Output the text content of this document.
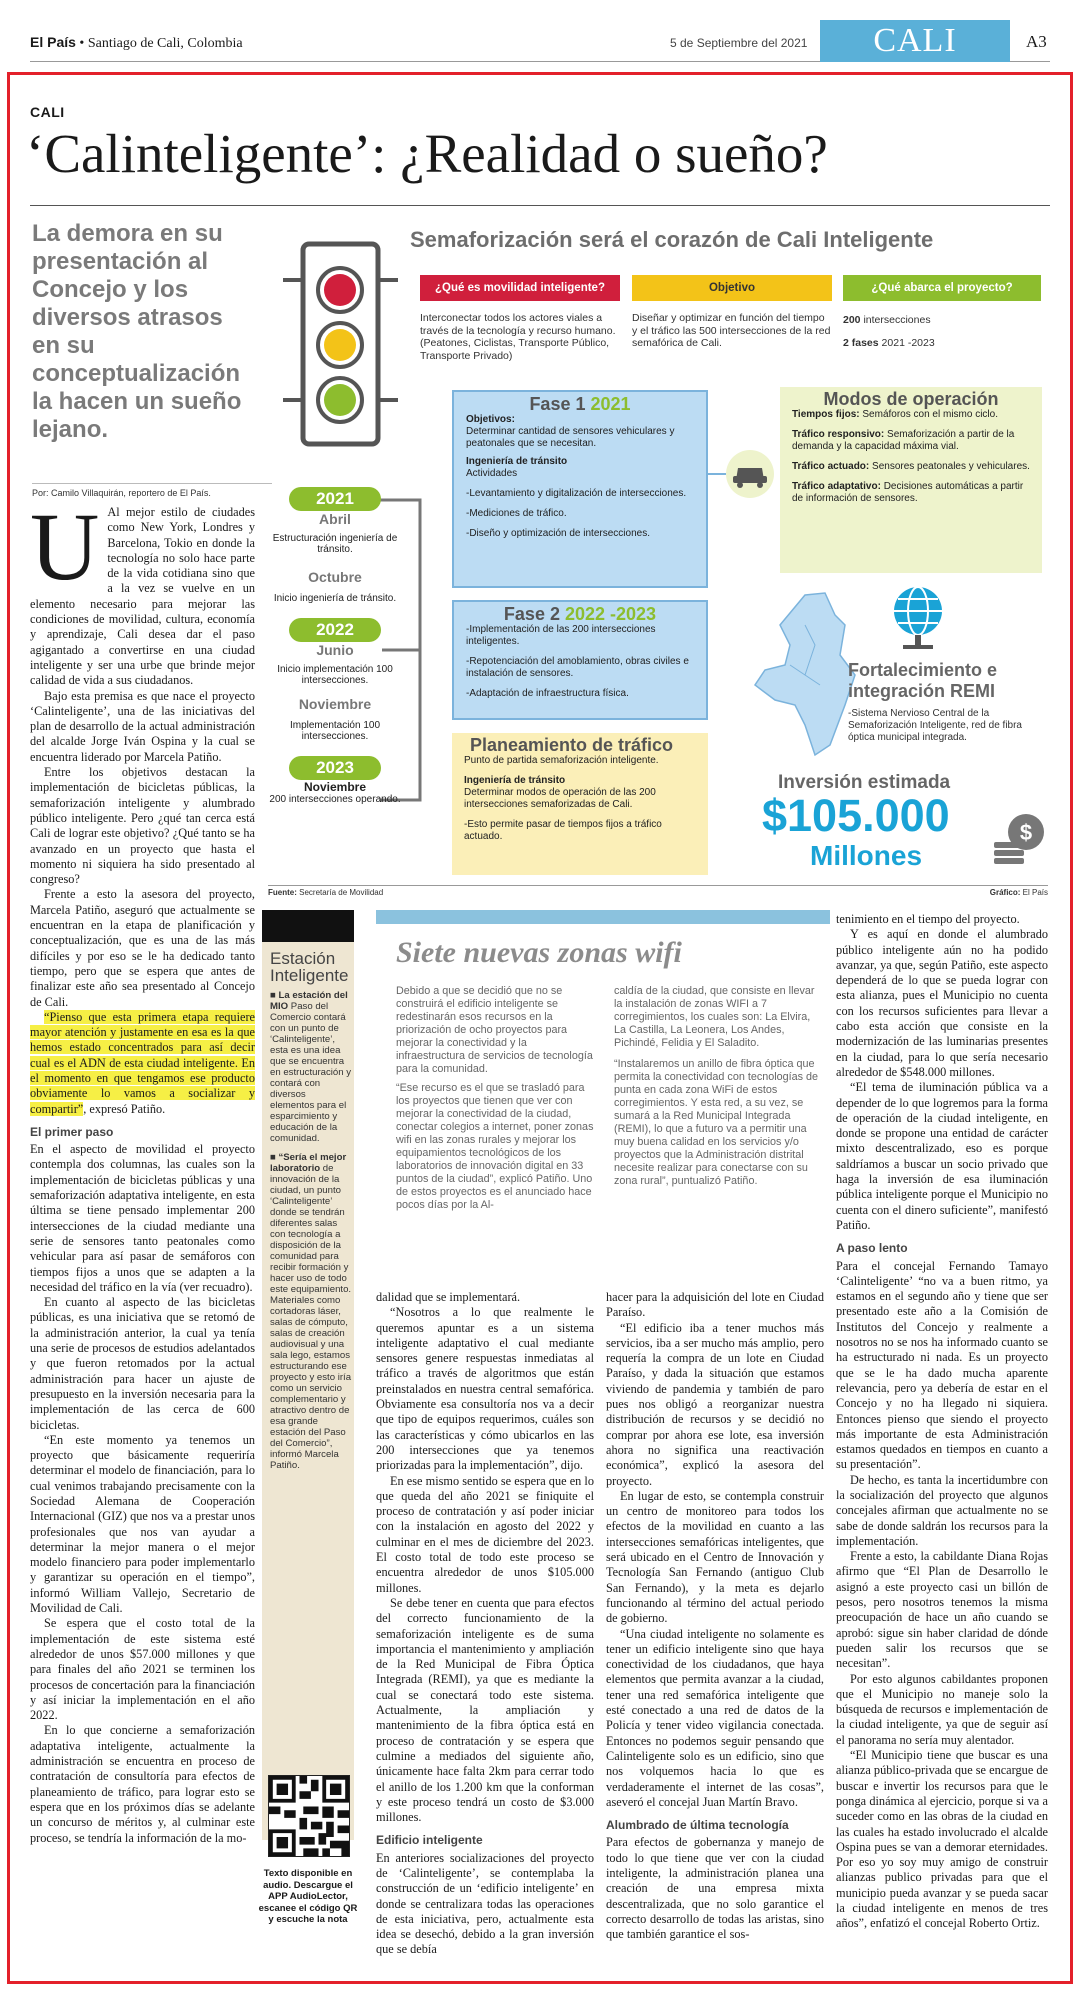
El País • Santiago de Cali, Colombia	5 de Septiembre del 2021	CALI	A3
CALI
‘Calinteligente’: ¿Realidad o sueño?
La demora en su presentación al Concejo y los diversos atrasos en su conceptualización la hacen un sueño lejano.
Por: Camilo Villaquirán, reportero de El País.
U Al mejor estilo de ciudades como New York, Londres y Barcelona, Tokio en donde la tecnología no solo hace parte de la vida cotidiana sino que a la vez se vuelve en un elemento necesario para mejorar las condiciones de movilidad, cultura, economía y aprendizaje, Cali desea dar el paso agigantado a convertirse en una ciudad inteligente y ser una urbe que brinde mejor calidad de vida a sus ciudadanos.

Bajo esta premisa es que nace el proyecto ‘Calinteligente’, una de las iniciativas del plan de desarrollo de la actual administración del alcalde Jorge Iván Ospina y la cual se encuentra liderado por Marcela Patiño.

Entre los objetivos destacan la implementación de bicicletas públicas, la semaforización inteligente y alumbrado público inteligente. Pero ¿qué tan cerca está Cali de lograr este objetivo? ¿Qué tanto se ha avanzado en un proyecto que hasta el momento ni siquiera ha sido presentado al congreso?

Frente a esto la asesora del proyecto, Marcela Patiño, aseguró que actualmente se encuentran en la etapa de planificación y conceptualización, que es una de las más difíciles y por eso se le ha dedicado tanto tiempo, pero que se espera que antes de finalizar este año sea presentado al Concejo de Cali.

“Pienso que esta primera etapa requiere mayor atención y justamente en esa es la que hemos estado concentrados para así decir cual es el ADN de esta ciudad inteligente. En el momento en que tengamos ese producto obviamente lo vamos a socializar y compartir”, expresó Patiño.

El primer paso

En el aspecto de movilidad el proyecto contempla dos columnas, las cuales son la implementación de bicicletas públicas y una semaforización adaptativa inteligente, en esta última se tiene pensado implementar 200 intersecciones de la ciudad mediante una serie de sensores tanto peatonales como vehicular para así pasar de semáforos con tiempos fijos a unos que se adapten a la necesidad del tráfico en la vía (ver recuadro).

En cuanto al aspecto de las bicicletas públicas, es una iniciativa que se retomó de la administración anterior, la cual ya tenía una serie de procesos de estudios adelantados y que fueron retomados por la actual administración para hacer un ajuste de presupuesto en la inversión necesaria para la implementación de las cerca de 600 bicicletas.

“En este momento ya tenemos un proyecto que básicamente requeriría determinar el modelo de financiación, para lo cual venimos trabajando precisamente con la Sociedad Alemana de Cooperación Internacional (GIZ) que nos va a prestar unos profesionales que nos van ayudar a determinar la mejor manera o el mejor modelo financiero para poder implementarlo y garantizar su operación en el tiempo”, informó William Vallejo, Secretario de Movilidad de Cali.

Se espera que el costo total de la implementación de este sistema esté alrededor de unos $57.000 millones y que para finales del año 2021 se terminen los procesos de concertación para la financiación y así iniciar la implementación en el año 2022.

En lo que concierne a semaforización adaptativa inteligente, actualmente la administración se encuentra en proceso de contratación de consultoría para efectos de planeamiento de tráfico, para lograr esto se espera que en los próximos días se adelante un concurso de méritos y, al culminar este proceso, se tendría la información de la mo-

Semaforización será el corazón de Cali Inteligente
¿Qué es movilidad inteligente?	Objetivo	¿Qué abarca el proyecto?
Interconectar todos los actores viales a través de la tecnología y recurso humano. (Peatones, Ciclistas, Transporte Público, Transporte Privado)
Diseñar y optimizar en función del tiempo y el tráfico las 500 intersecciones de la red semafórica de Cali.
200 intersecciones
2 fases 2021 -2023
2021
Abril
Estructuración ingeniería de tránsito.
Octubre
Inicio ingeniería de tránsito.
2022
Junio
Inicio implementación 100 intersecciones.
Noviembre
Implementación 100 intersecciones.
2023
Noviembre
200 intersecciones operando.
Fase 1 2021
Objetivos:
Determinar cantidad de sensores vehiculares y peatonales que se necesitan.
Ingeniería de tránsito
Actividades
-Levantamiento y digitalización de intersecciones.
-Mediciones de tráfico.
-Diseño y optimización de intersecciones.
Fase 2 2022 -2023
-Implementación de las 200 intersecciones inteligentes.
-Repotenciación del amoblamiento, obras civiles e instalación de sensores.
-Adaptación de infraestructura física.
Planeamiento de tráfico
Punto de partida semaforización inteligente.
Ingeniería de tránsito
Determinar modos de operación de las 200 intersecciones semaforizadas de Cali.
-Esto permite pasar de tiempos fijos a tráfico actuado.
Modos de operación
Tiempos fijos: Semáforos con el mismo ciclo.
Tráfico responsivo: Semaforización a partir de la demanda y la capacidad máxima vial.
Tráfico actuado: Sensores peatonales y vehiculares.
Tráfico adaptativo: Decisiones automáticas a partir de información de sensores.
Fortalecimiento e integración REMI
-Sistema Nervioso Central de la Semaforización Inteligente, red de fibra óptica municipal integrada.
Inversión estimada
$105.000
Millones
$
Fuente: Secretaría de Movilidad	Gráfico: El País
Estación
Inteligente
■ La estación del MIO Paso del Comercio contará con un punto de ‘Calinteligente’, esta es una idea que se encuentra en estructuración y contará con diversos elementos para el esparcimiento y educación de la comunidad.
■ “Sería el mejor laboratorio de innovación de la ciudad, un punto ‘Calinteligente’ donde se tendrán diferentes salas con tecnología a disposición de la comunidad para recibir formación y hacer uso de todo este equipamiento. Materiales como cortadoras láser, salas de cómputo, salas de creación audiovisual y una sala lego, estamos estructurando ese proyecto y esto iría como un servicio complementario y atractivo dentro de esa grande estación del Paso del Comercio”, informó Marcela Patiño.
Texto disponible en audio. Descargue el APP AudioLector, escanee el código QR y escuche la nota
Siete nuevas zonas wifi
Debido a que se decidió que no se construirá el edificio inteligente se redestinarán esos recursos en la priorización de ocho proyectos para mejorar la conectividad y la infraestructura de servicios de tecnología para la comunidad.
“Ese recurso es el que se trasladó para los proyectos que tienen que ver con mejorar la conectividad de la ciudad, conectar colegios a internet, poner zonas wifi en las zonas rurales y mejorar los equipamientos tecnológicos de los laboratorios de innovación digital en 33 puntos de la ciudad”, explicó Patiño. Uno de estos proyectos es el anunciado hace pocos días por la Al-
caldía de la ciudad, que consiste en llevar la instalación de zonas WIFI a 7 corregimientos, los cuales son: La Elvira, La Castilla, La Leonera, Los Andes, Pichindé, Felidia y El Saladito.
“Instalaremos un anillo de fibra óptica que permita la conectividad con tecnologías de punta en cada zona WiFi de estos corregimientos. Y esta red, a su vez, se sumará a la Red Municipal Integrada (REMI), lo que a futuro va a permitir una muy buena calidad en los servicios y/o proyectos que la Administración distrital necesite realizar para conectarse con su zona rural”, puntualizó Patiño.

dalidad que se implementará.

“Nosotros a lo que realmente le queremos apuntar es a un sistema inteligente adaptativo el cual mediante sensores genere respuestas inmediatas al tráfico a través de algoritmos que están preinstalados en nuestra central semafórica. Obviamente esa consultoría nos va a decir que tipo de equipos requerimos, cuáles son las características y cómo ubicarlos en las 200 intersecciones que ya tenemos priorizadas para la implementación”, dijo.

En ese mismo sentido se espera que en lo que queda del año 2021 se finiquite el proceso de contratación y así poder iniciar con la instalación en agosto del 2022 y culminar en el mes de diciembre del 2023. El costo total de todo este proceso se encuentra alrededor de unos $105.000 millones.

Se debe tener en cuenta que para efectos del correcto funcionamiento de la semaforización inteligente es de suma importancia el mantenimiento y ampliación de la Red Municipal de Fibra Óptica Integrada (REMI), ya que es mediante la cual se conectará todo este sistema. Actualmente, la ampliación y mantenimiento de la fibra óptica está en proceso de contratación y se espera que culmine a mediados del siguiente año, únicamente hace falta 2km para cerrar todo el anillo de los 1.200 km que la conforman y este proceso tendrá un costo de $3.000 millones.

Edificio inteligente

En anteriores socializaciones del proyecto de ‘Calinteligente’, se contemplaba la construcción de un ‘edificio inteligente’ en donde se centralizara todas las operaciones de esta iniciativa, pero, actualmente esta idea se desechó, debido a la gran inversión que se debía

hacer para la adquisición del lote en Ciudad Paraíso.

“El edificio iba a tener muchos más servicios, iba a ser mucho más amplio, pero requería la compra de un lote en Ciudad Paraíso, y dada la situación que estamos viviendo de pandemia y también de paro pues nos obligó a reorganizar nuestra distribución de recursos y se decidió no comprar por ahora ese lote, esa inversión ahora no significa una reactivación económica”, explicó la asesora del proyecto.

En lugar de esto, se contempla construir un centro de monitoreo para todos los efectos de la movilidad en cuanto a las intersecciones semafóricas inteligentes, que será ubicado en el Centro de Innovación y Tecnología San Fernando (antiguo Club San Fernando), y la meta es dejarlo funcionando al término del actual periodo de gobierno.

“Una ciudad inteligente no solamente es tener un edificio inteligente sino que haya conectividad de los ciudadanos, que haya elementos que permita avanzar a la ciudad, tener una red semafórica inteligente que esté conectado a una red de datos de la Policía y tener video vigilancia conectada. Entonces no podemos seguir pensando que Calinteligente solo es un edificio, sino que nos volquemos hacia lo que es verdaderamente el internet de las cosas”, aseveró el concejal Juan Martín Bravo.

Alumbrado de última tecnología

Para efectos de gobernanza y manejo de todo lo que tiene que ver con la ciudad inteligente, la administración planea una creación de una empresa mixta descentralizada, que no solo garantice el correcto desarrollo de todas las aristas, sino que también garantice el sos-

tenimiento en el tiempo del proyecto.

Y es aquí en donde el alumbrado público inteligente aún no ha podido avanzar, ya que, según Patiño, este aspecto dependerá de lo que se pueda lograr con esta alianza, pues el Municipio no cuenta con los recursos suficientes para llevar a cabo esta acción que consiste en la modernización de las luminarias presentes en la ciudad, para lo que sería necesario alrededor de $548.000 millones.

“El tema de iluminación pública va a depender de lo que logremos para la forma de operación de la ciudad inteligente, en donde se propone una entidad de carácter mixto descentralizado, eso es porque saldríamos a buscar un socio privado que haga la inversión de esa iluminación pública inteligente porque el Municipio no cuenta con el dinero suficiente”, manifestó Patiño.

A paso lento

Para el concejal Fernando Tamayo ‘Calinteligente’ “no va a buen ritmo, ya estamos en el segundo año y tiene que ser presentado este año a la Comisión de Institutos del Concejo y realmente a nosotros no se nos ha informado cuanto se ha estructurado ni nada. Es un proyecto que se le ha dado mucha aparente relevancia, pero ya debería de estar en el Concejo y no ha llegado ni siquiera. Entonces pienso que siendo el proyecto más importante de esta Administración estamos quedados en tiempos en cuanto a su presentación”.

De hecho, es tanta la incertidumbre con la socialización del proyecto que algunos concejales afirman que actualmente no se sabe de donde saldrán los recursos para la implementación.

Frente a esto, la cabildante Diana Rojas afirmo que “El Plan de Desarrollo le asignó a este proyecto casi un billón de pesos, pero nosotros tenemos la misma preocupación de hace un año cuando se aprobó: sigue sin haber claridad de dónde pueden salir los recursos que se necesitan”.

Por esto algunos cabildantes proponen que el Municipio no maneje solo la búsqueda de recursos e implementación de la ciudad inteligente, ya que de seguir así el panorama no sería muy alentador.

“El Municipio tiene que buscar es una alianza público-privada que se encargue de buscar e invertir los recursos para que le ponga dinámica al ejercicio, porque si va a suceder como en las obras de la ciudad en las cuales ha estado involucrado el alcalde Ospina pues se van a demorar eternidades. Por eso yo soy muy amigo de construir alianzas publico privadas para que el municipio pueda avanzar y se pueda sacar la ciudad inteligente en menos de tres años”, enfatizó el concejal Roberto Ortiz.
